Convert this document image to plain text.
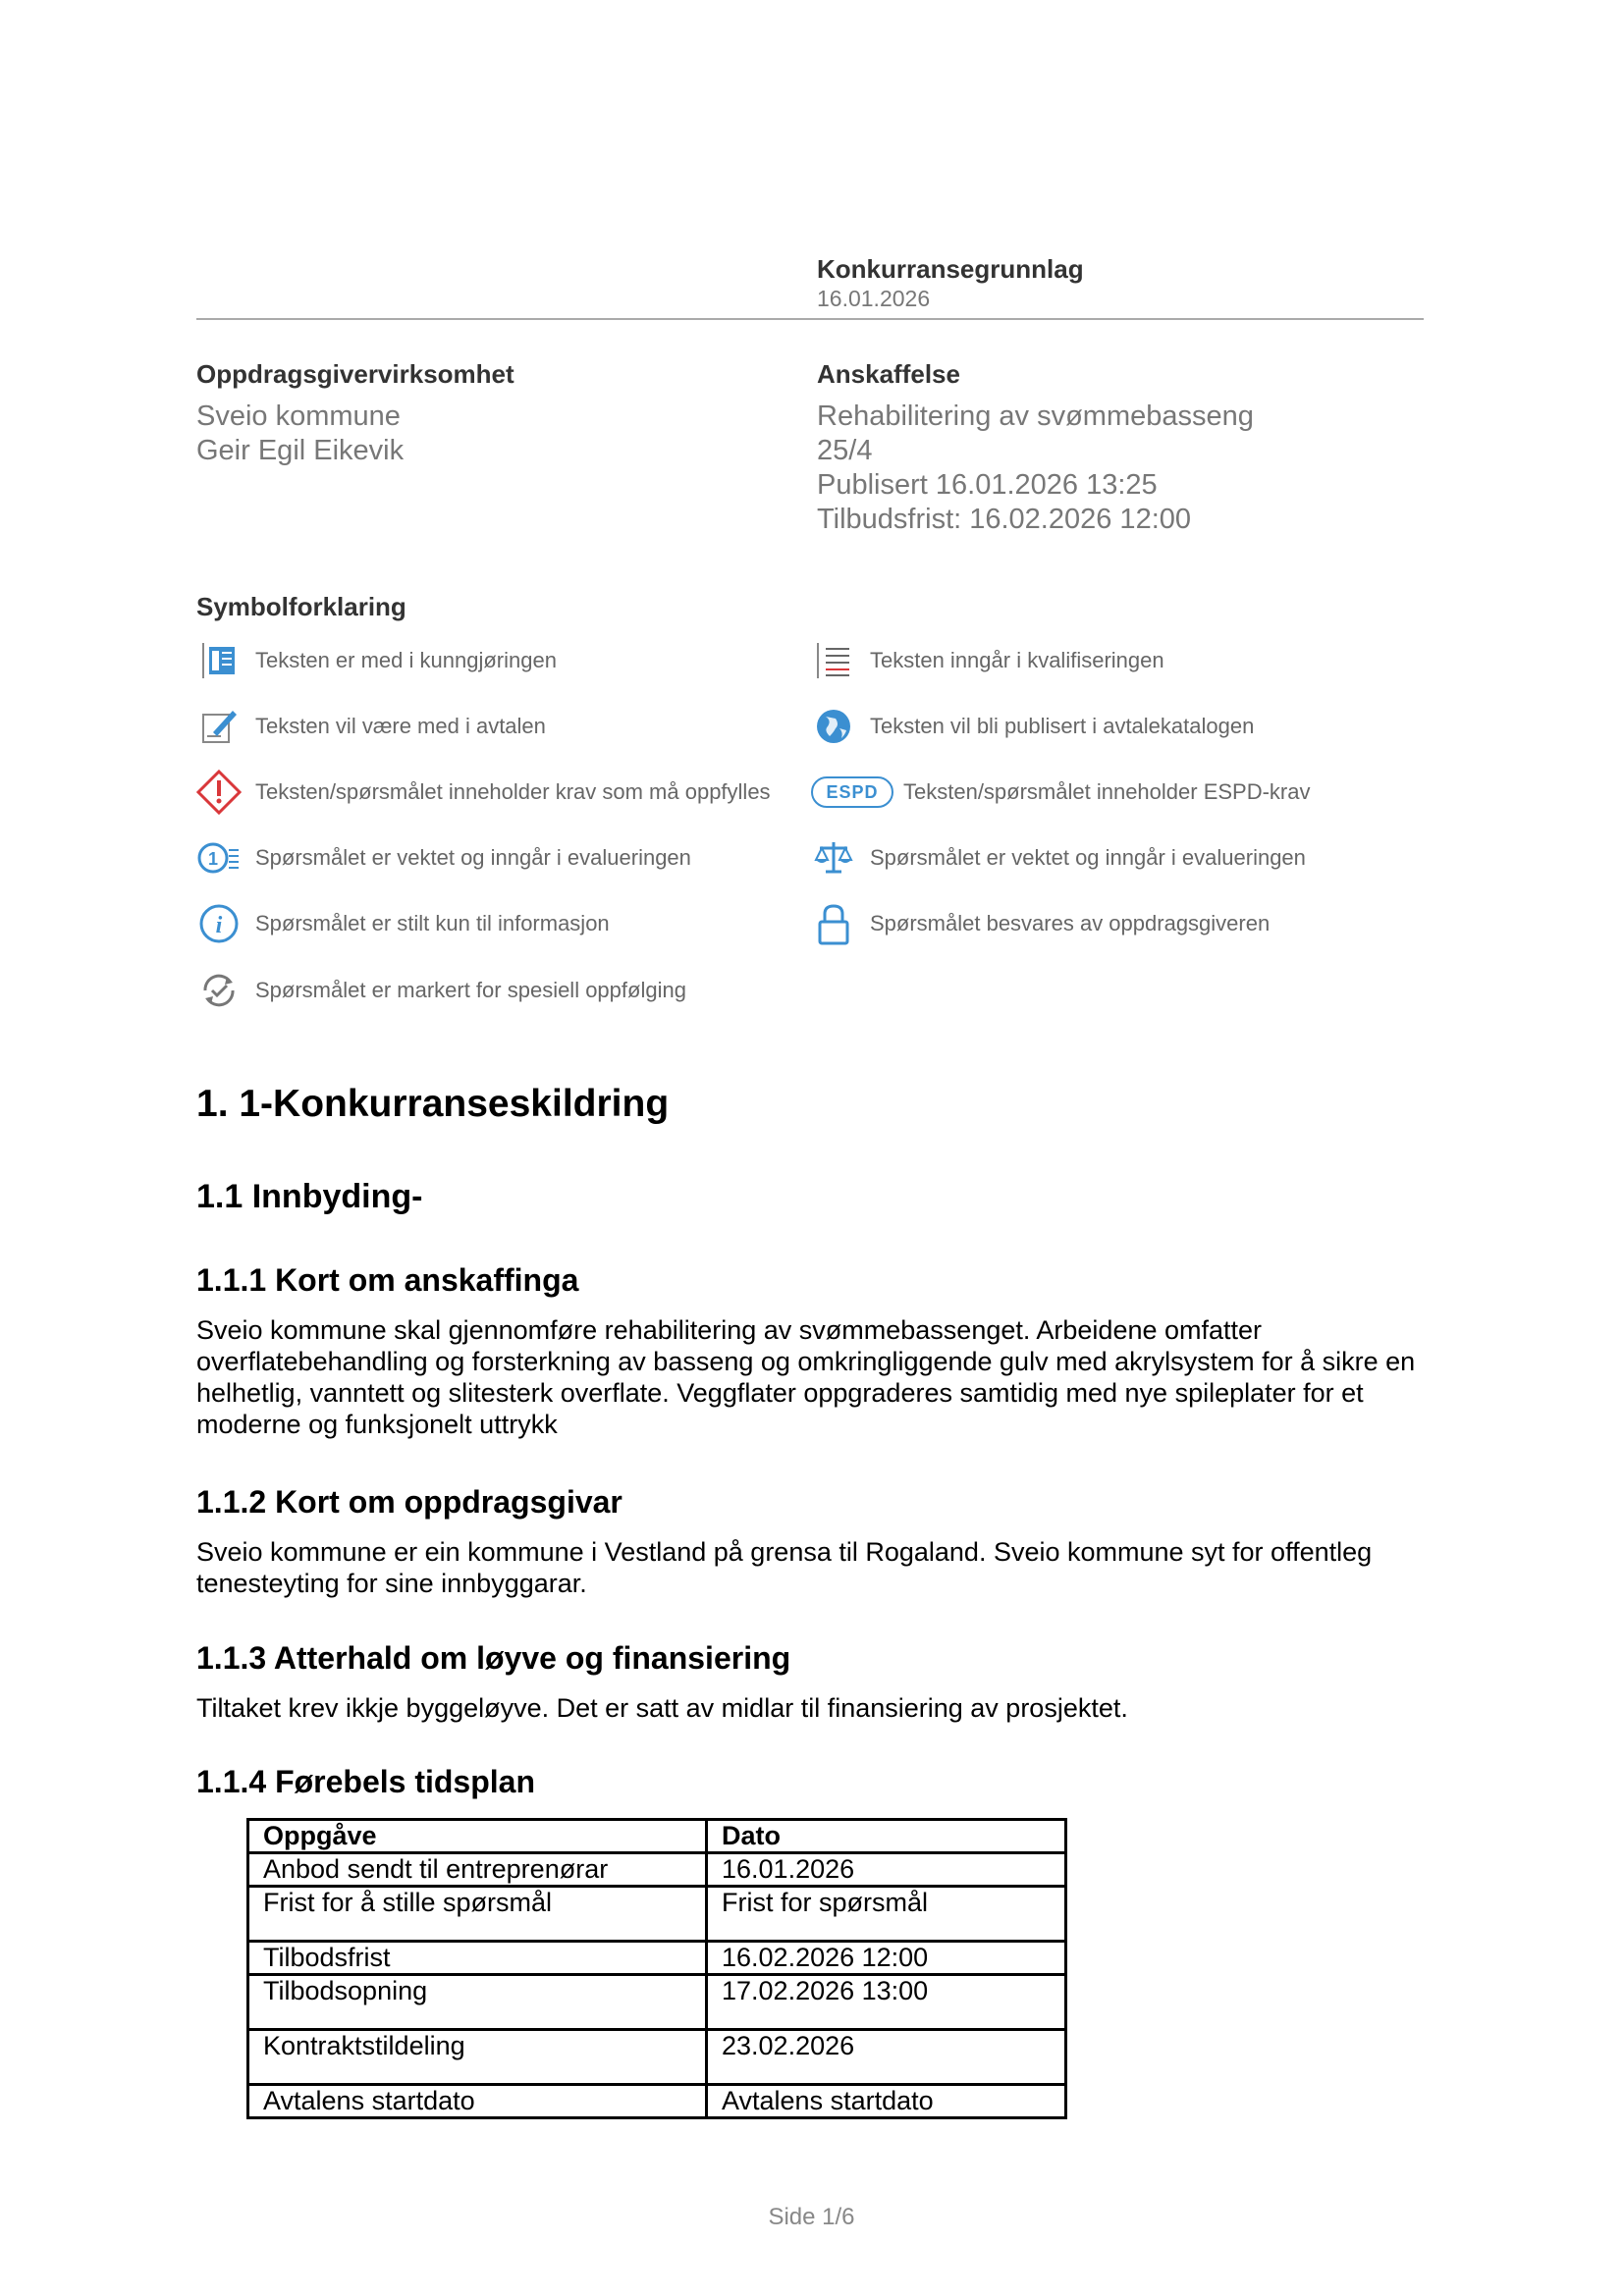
Konkurransegrunnlag
16.01.2026
Oppdragsgivervirksomhet
Sveio kommune
Geir Egil Eikevik
Anskaffelse
Rehabilitering av svømmebasseng
25/4
Publisert 16.01.2026 13:25
Tilbudsfrist: 16.02.2026 12:00
Symbolforklaring
Teksten er med i kunngjøringen	Teksten inngår i kvalifiseringen
Teksten vil være med i avtalen	Teksten vil bli publisert i avtalekatalogen
Teksten/spørsmålet inneholder krav som må oppfylles	ESPD Teksten/spørsmålet inneholder ESPD-krav
1 Spørsmålet er vektet og inngår i evalueringen	Spørsmålet er vektet og inngår i evalueringen
i Spørsmålet er stilt kun til informasjon	Spørsmålet besvares av oppdragsgiveren
Spørsmålet er markert for spesiell oppfølging
1. 1-Konkurranseskildring
1.1 Innbyding-
1.1.1 Kort om anskaffinga

Sveio kommune skal gjennomføre rehabilitering av svømmebassenget. Arbeidene omfatter overflatebehandling og forsterkning av basseng og omkringliggende gulv med akrylsystem for å sikre en helhetlig, vanntett og slitesterk overflate. Veggflater oppgraderes samtidig med nye spileplater for et moderne og funksjonelt uttrykk

1.1.2 Kort om oppdragsgivar

Sveio kommune er ein kommune i Vestland på grensa til Rogaland. Sveio kommune syt for offentleg tenesteyting for sine innbyggarar.

1.1.3 Atterhald om løyve og finansiering

Tiltaket krev ikkje byggeløyve. Det er satt av midlar til finansiering av prosjektet.

1.1.4 Førebels tidsplan
Oppgåve	Dato
Anbod sendt til entreprenørar	16.01.2026
Frist for å stille spørsmål	Frist for spørsmål
Tilbodsfrist	16.02.2026 12:00
Tilbodsopning	17.02.2026 13:00
Kontraktstildeling	23.02.2026
Avtalens startdato	Avtalens startdato
Side 1/6
